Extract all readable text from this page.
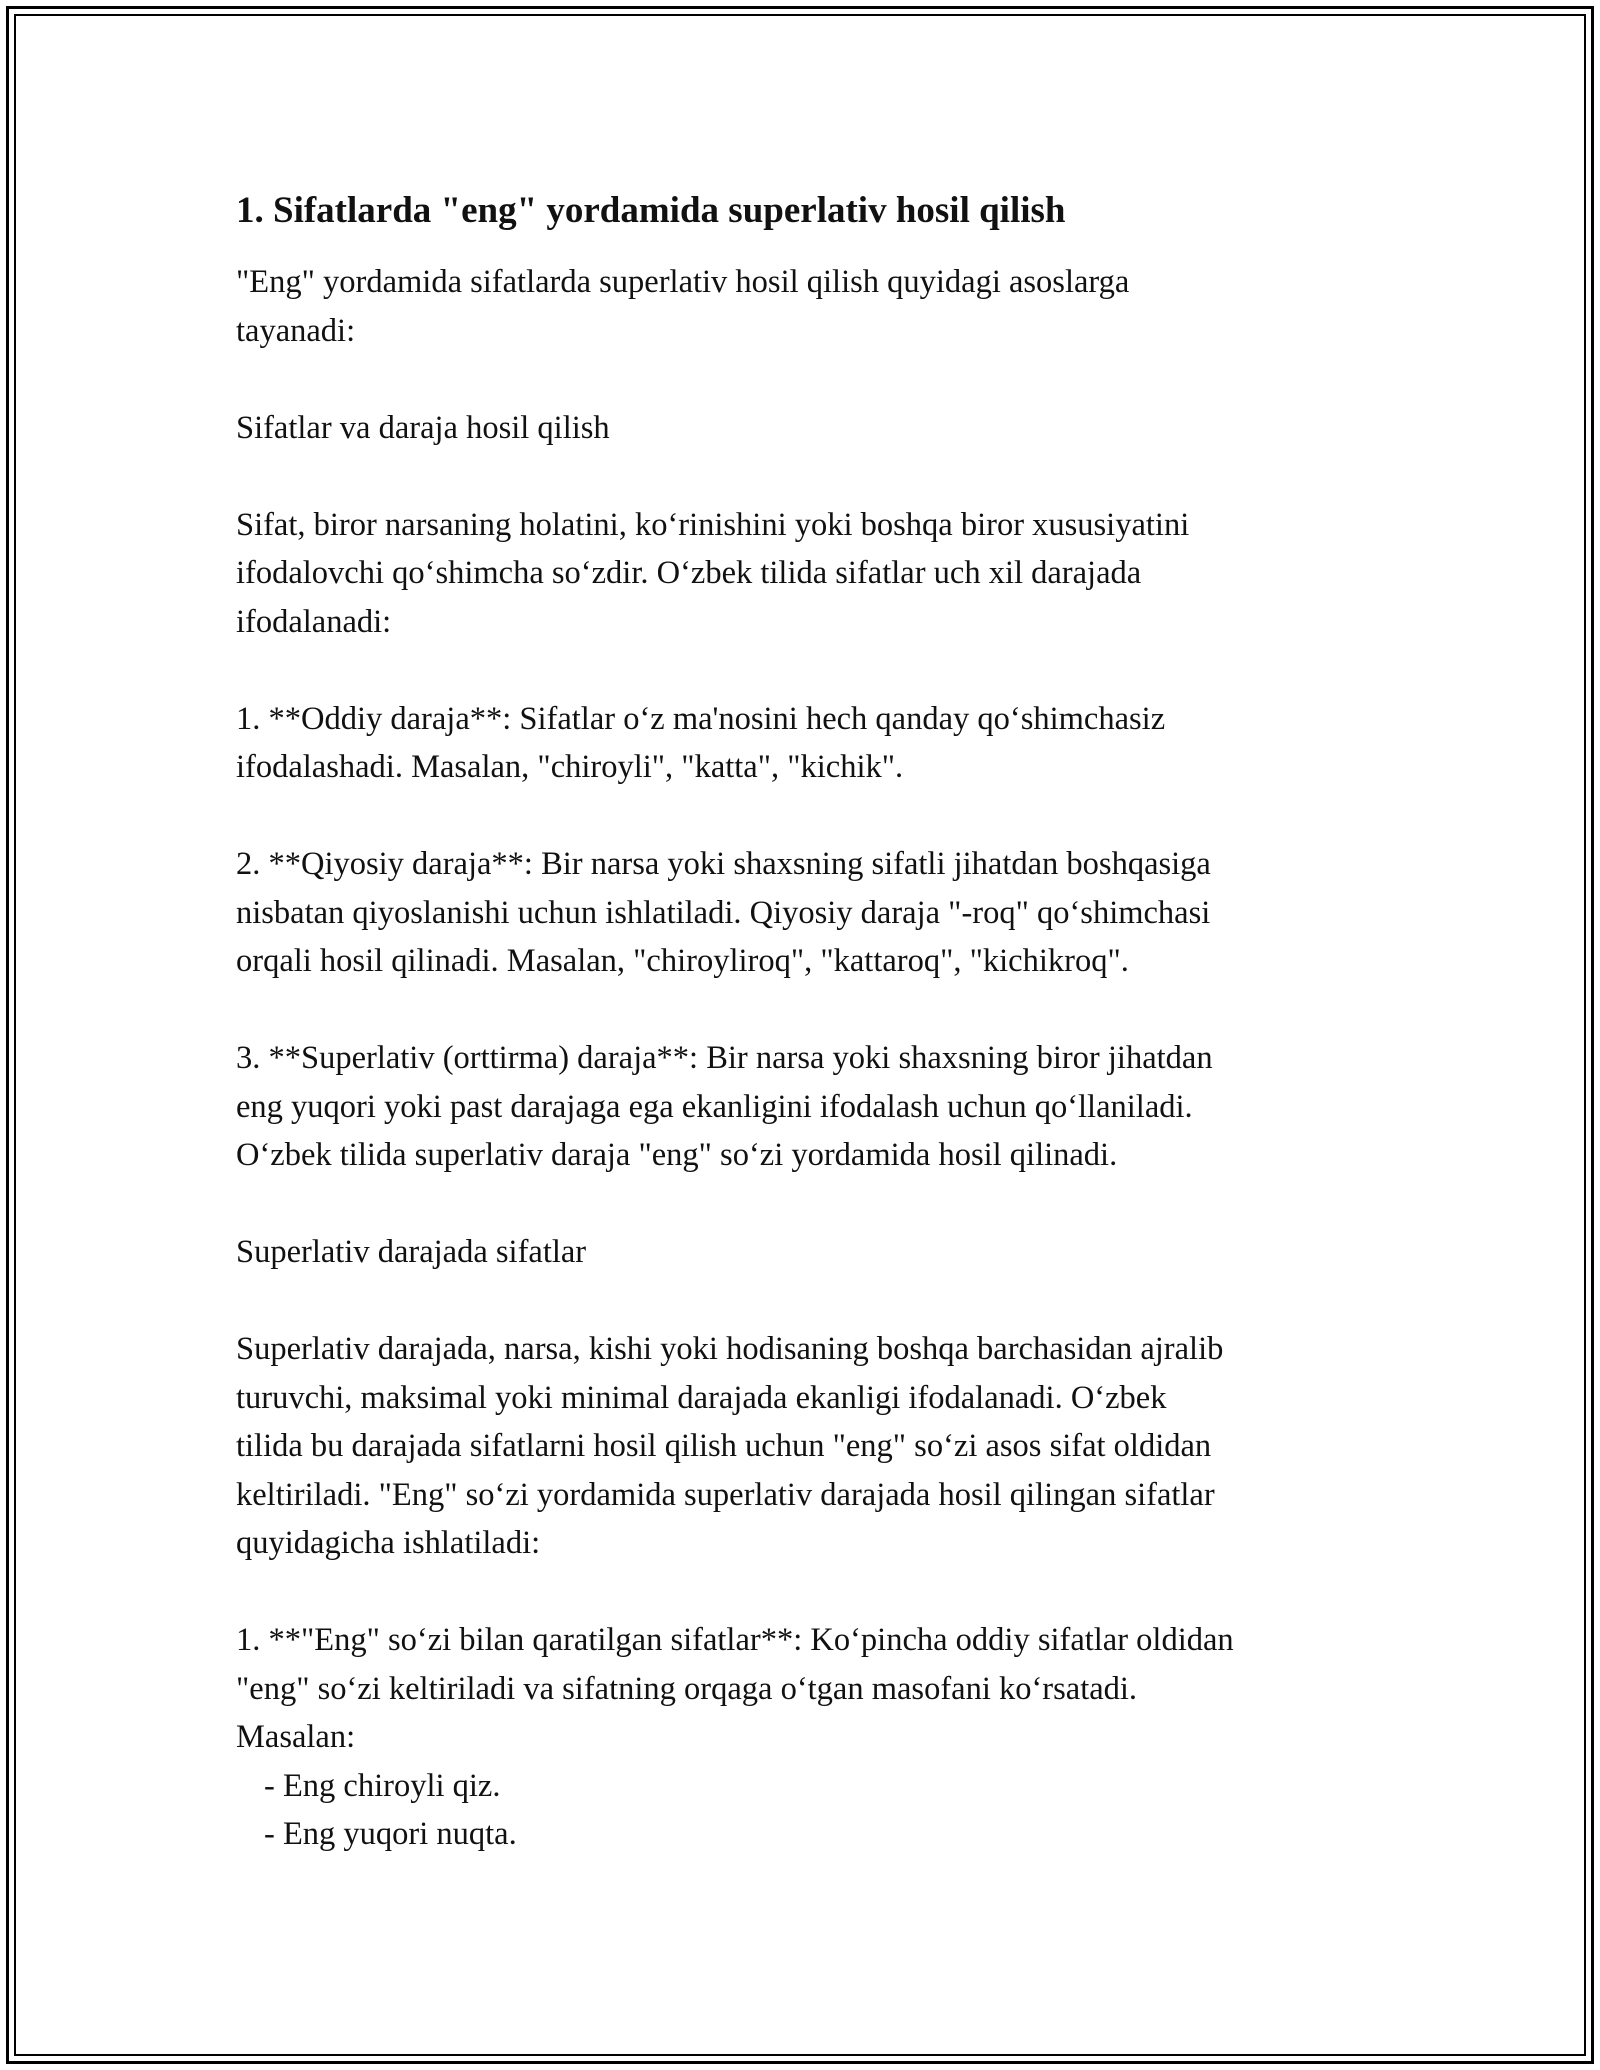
1. Sifatlarda "eng" yordamida superlativ hosil qilish
"Eng" yordamida sifatlarda superlativ hosil qilish quyidagi asoslarga
tayanadi:
Sifatlar va daraja hosil qilish
Sifat, biror narsaning holatini, ko‘rinishini yoki boshqa biror xususiyatini
ifodalovchi qo‘shimcha so‘zdir. O‘zbek tilida sifatlar uch xil darajada
ifodalanadi:
1. **Oddiy daraja**: Sifatlar o‘z ma'nosini hech qanday qo‘shimchasiz
ifodalashadi. Masalan, "chiroyli", "katta", "kichik".
2. **Qiyosiy daraja**: Bir narsa yoki shaxsning sifatli jihatdan boshqasiga
nisbatan qiyoslanishi uchun ishlatiladi. Qiyosiy daraja "-roq" qo‘shimchasi
orqali hosil qilinadi. Masalan, "chiroyliroq", "kattaroq", "kichikroq".
3. **Superlativ (orttirma) daraja**: Bir narsa yoki shaxsning biror jihatdan
eng yuqori yoki past darajaga ega ekanligini ifodalash uchun qo‘llaniladi.
O‘zbek tilida superlativ daraja "eng" so‘zi yordamida hosil qilinadi.
Superlativ darajada sifatlar
Superlativ darajada, narsa, kishi yoki hodisaning boshqa barchasidan ajralib
turuvchi, maksimal yoki minimal darajada ekanligi ifodalanadi. O‘zbek
tilida bu darajada sifatlarni hosil qilish uchun "eng" so‘zi asos sifat oldidan
keltiriladi. "Eng" so‘zi yordamida superlativ darajada hosil qilingan sifatlar
quyidagicha ishlatiladi:
1. **"Eng" so‘zi bilan qaratilgan sifatlar**: Ko‘pincha oddiy sifatlar oldidan
"eng" so‘zi keltiriladi va sifatning orqaga o‘tgan masofani ko‘rsatadi.
Masalan:
- Eng chiroyli qiz.
- Eng yuqori nuqta.
